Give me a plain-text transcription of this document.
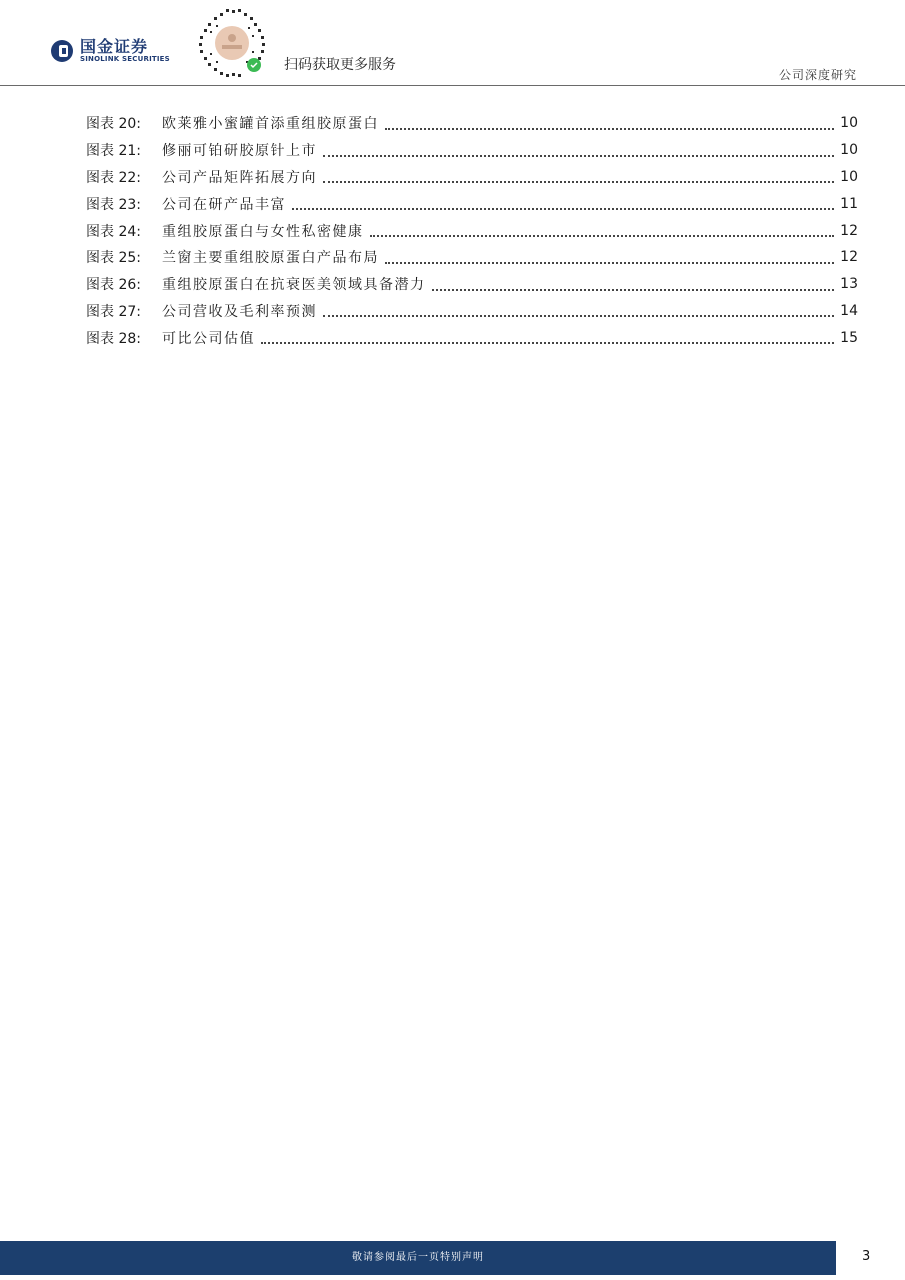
国金证券
SINOLINK SECURITIES	扫码获取更多服务
公司深度研究
图表 20:	欧莱雅小蜜罐首添重组胶原蛋白	10
图表 21:	修丽可铂研胶原针上市	10
图表 22:	公司产品矩阵拓展方向	10
图表 23:	公司在研产品丰富	11
图表 24:	重组胶原蛋白与女性私密健康	12
图表 25:	兰窗主要重组胶原蛋白产品布局	12
图表 26:	重组胶原蛋白在抗衰医美领域具备潜力	13
图表 27:	公司营收及毛利率预测	14
图表 28:	可比公司估值	15
敬请参阅最后一页特别声明	3
